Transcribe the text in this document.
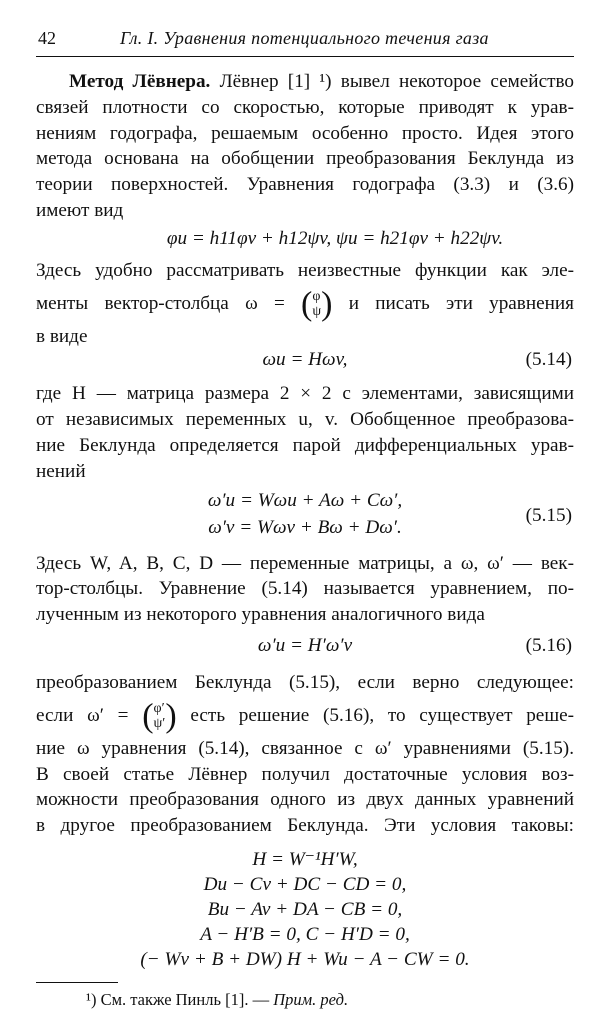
42	Гл. I. Уравнения потенциального течения газа

Метод Лёвнера. Лёвнер [1] ¹) вывел некоторое семейство

связей плотности со скоростью, которые приводят к урав-

нениям годографа, решаемым особенно просто. Идея этого

метода основана на обобщении преобразования Беклунда из

теории поверхностей. Уравнения годографа (3.3) и (3.6)

имеют вид

φu = h11φv + h12ψv, ψu = h21φv + h22ψv.

Здесь удобно рассматривать неизвестные функции как эле-

менты вектор-столбца ω = ( φ
ψ ) и писать эти уравнения

в виде

ωu = Hωv,	(5.14)

где H — матрица размера 2 × 2 с элементами, зависящими

от независимых переменных u, v. Обобщенное преобразова-

ние Беклунда определяется парой дифференциальных урав-

нений

ω′u = Wωu + Aω + Cω′,
ω′v = Wωv + Bω + Dω′.
(5.15)

Здесь W, A, B, C, D — переменные матрицы, а ω, ω′ — век-

тор-столбцы. Уравнение (5.14) называется уравнением, по-

лученным из некоторого уравнения аналогичного вида

ω′u = H′ω′v	(5.16)

преобразованием Беклунда (5.15), если верно следующее:

если ω′ = ( φ′
ψ′ ) есть решение (5.16), то существует реше-

ние ω уравнения (5.14), связанное с ω′ уравнениями (5.15).

В своей статье Лёвнер получил достаточные условия воз-

можности преобразования одного из двух данных уравнений

в другое преобразованием Беклунда. Эти условия таковы:

H = W⁻¹H′W,
Du − Cv + DC − CD = 0,
Bu − Av + DA − CB = 0,
A − H′B = 0, C − H′D = 0,
(− Wv + B + DW) H + Wu − A − CW = 0.
¹) См. также Пинль [1]. — Прим. ред.
